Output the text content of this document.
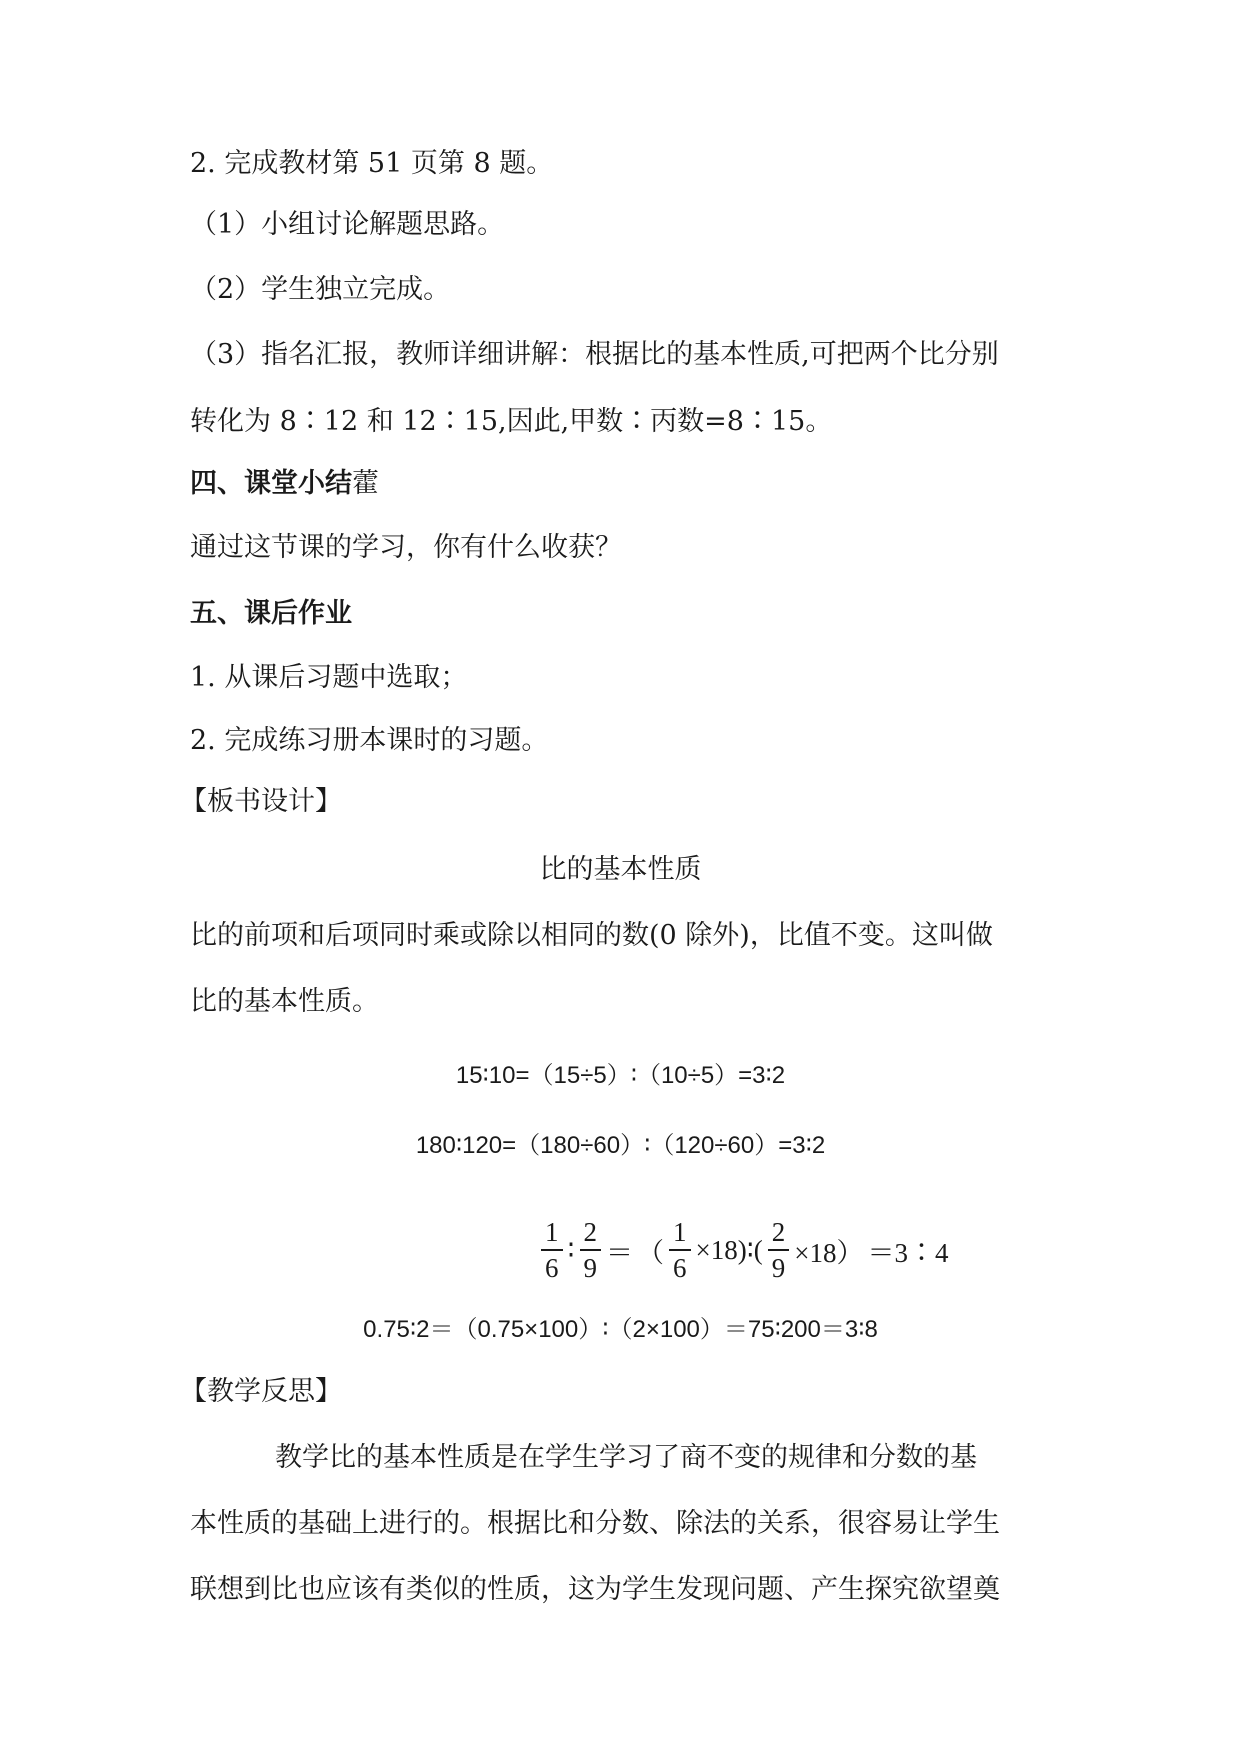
2. 完成教材第 51 页第 8 题。
（1）小组讨论解题思路。
（2）学生独立完成。
（3）指名汇报，教师详细讲解：根据比的基本性质,可把两个比分别
转化为 8∶12 和 12∶15,因此,甲数∶丙数=8∶15。
四、课堂小结藿
通过这节课的学习，你有什么收获？
五、课后作业
1. 从课后习题中选取；
2. 完成练习册本课时的习题。
【板书设计】
比的基本性质
比的前项和后项同时乘或除以相同的数(0 除外)，比值不变。这叫做
比的基本性质。
15∶10=（15÷5）∶（10÷5）=3∶2
180∶120=（180÷60）∶（120÷60）=3∶2
$\frac{1}{6}$ ∶ $\frac{2}{9}$ ＝ （ $\frac{1}{6}$ ×18)∶( $\frac{2}{9} \times 18$） ＝3∶4
0.75∶2＝（0.75×100）∶（2×100）＝75∶200＝3∶8
【教学反思】
教学比的基本性质是在学生学习了商不变的规律和分数的基
本性质的基础上进行的。根据比和分数、除法的关系，很容易让学生
联想到比也应该有类似的性质，这为学生发现问题、产生探究欲望奠
